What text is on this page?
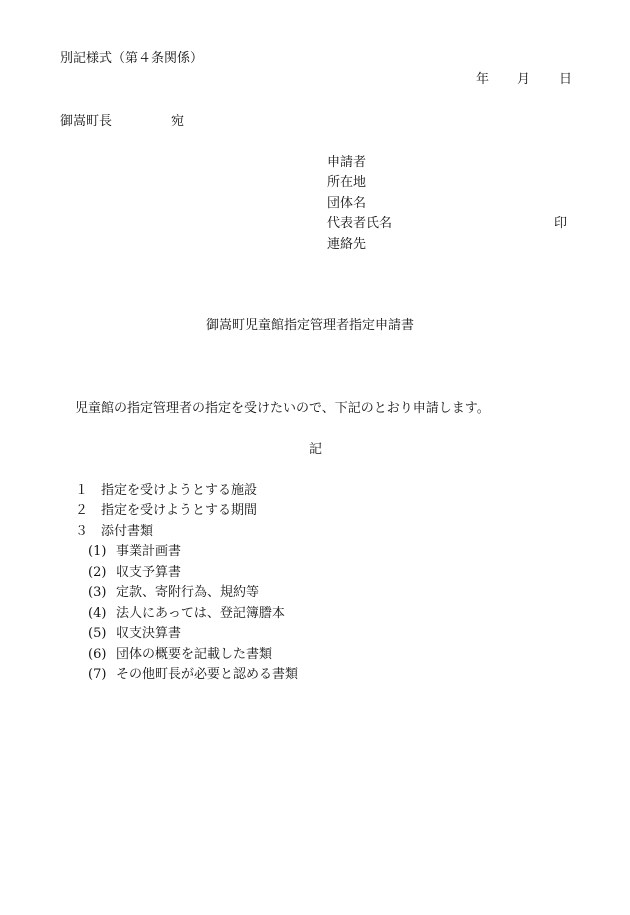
別記様式（第４条関係）
年 月 日
御嵩町長	宛
申請者
所在地
団体名
代表者氏名	印
連絡先
御嵩町児童館指定管理者指定申請書
児童館の指定管理者の指定を受けたいので、下記のとおり申請します。
記
１ 指定を受けようとする施設
２ 指定を受けようとする期間
３ 添付書類
(1) 事業計画書
(2) 収支予算書
(3) 定款、寄附行為、規約等
(4) 法人にあっては、登記簿謄本
(5) 収支決算書
(6) 団体の概要を記載した書類
(7) その他町長が必要と認める書類
